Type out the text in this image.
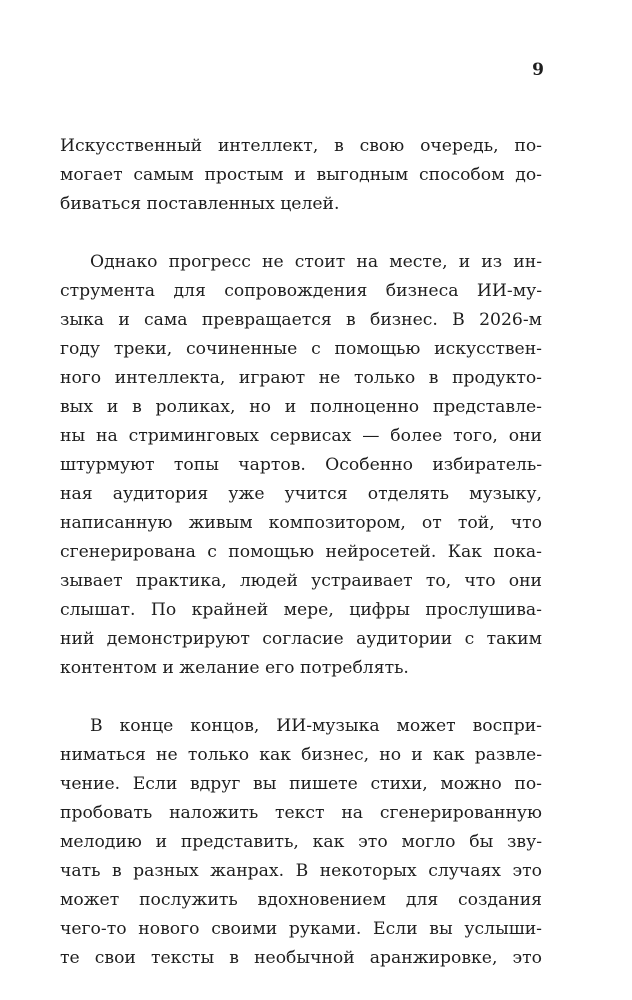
9

Искусственный интеллект, в свою очередь, по-
могает самым простым и выгодным способом до-
биваться поставленных целей.

Однако прогресс не стоит на месте, и из ин-
струмента для сопровождения бизнеса ИИ-му-
зыка и сама превращается в бизнес. В 2026-м
году треки, сочиненные с помощью искусствен-
ного интеллекта, играют не только в продукто-
вых и в роликах, но и полноценно представле-
ны на стриминговых сервисах — более того, они
штурмуют топы чартов. Особенно избиратель-
ная аудитория уже учится отделять музыку,
написанную живым композитором, от той, что
сгенерирована с помощью нейросетей. Как пока-
зывает практика, людей устраивает то, что они
слышат. По крайней мере, цифры прослушива-
ний демонстрируют согласие аудитории с таким
контентом и желание его потреблять.

В конце концов, ИИ-музыка может воспри-
ниматься не только как бизнес, но и как развле-
чение. Если вдруг вы пишете стихи, можно по-
пробовать наложить текст на сгенерированную
мелодию и представить, как это могло бы зву-
чать в разных жанрах. В некоторых случаях это
может послужить вдохновением для создания
чего-то нового своими руками. Если вы услыши-
те свои тексты в необычной аранжировке, это
